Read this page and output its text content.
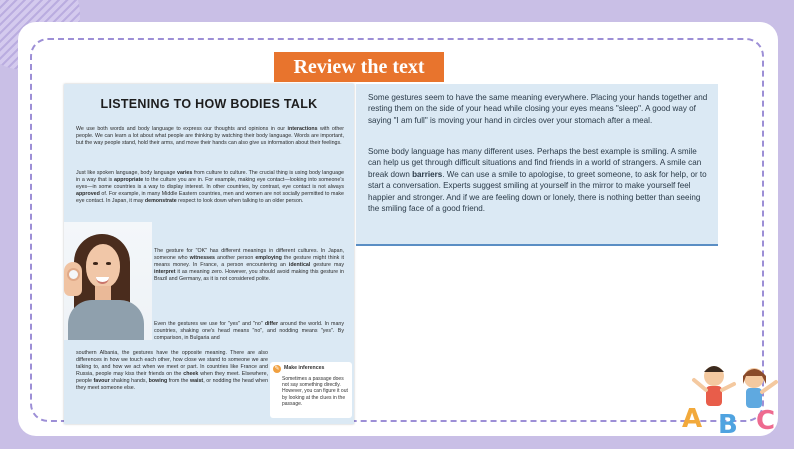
Review the text
LISTENING TO HOW BODIES TALK
We use both words and body language to express our thoughts and opinions in our interactions with other people. We can learn a lot about what people are thinking by watching their body language. Words are important, but the way people stand, hold their arms, and move their hands can also give us information about their feelings.
Just like spoken language, body language varies from culture to culture. The crucial thing is using body language in a way that is appropriate to the culture you are in. For example, making eye contact—looking into someone's eyes—in some countries is a way to display interest. In other countries, by contrast, eye contact is not always approved of. For example, in many Middle Eastern countries, men and women are not socially permitted to make eye contact. In Japan, it may demonstrate respect to look down when talking to an older person.
The gesture for "OK" has different meanings in different cultures. In Japan, someone who witnesses another person employing the gesture might think it means money. In France, a person encountering an identical gesture may interpret it as meaning zero. However, you should avoid making this gesture in Brazil and Germany, as it is not considered polite.
Even the gestures we use for "yes" and "no" differ around the world. In many countries, shaking one's head means "no", and nodding means "yes". By comparison, in Bulgaria and
southern Albania, the gestures have the opposite meaning. There are also differences in how we touch each other, how close we stand to someone we are talking to, and how we act when we meet or part. In countries like France and Russia, people may kiss their friends on the cheek when they meet. Elsewhere, people favour shaking hands, bowing from the waist, or nodding the head when they meet someone else.
✎ Make inferences
Sometimes a passage does not say something directly. However, you can figure it out by looking at the clues in the passage.
Some gestures seem to have the same meaning everywhere. Placing your hands together and resting them on the side of your head while closing your eyes means "sleep". A good way of saying "I am full" is moving your hand in circles over your stomach after a meal.
Some body language has many different uses. Perhaps the best example is smiling. A smile can help us get through difficult situations and find friends in a world of strangers. A smile can break down barriers. We can use a smile to apologise, to greet someone, to ask for help, or to start a conversation. Experts suggest smiling at yourself in the mirror to make yourself feel happier and stronger. And if we are feeling down or lonely, there is nothing better than seeing the smiling face of a good friend.
A B C
